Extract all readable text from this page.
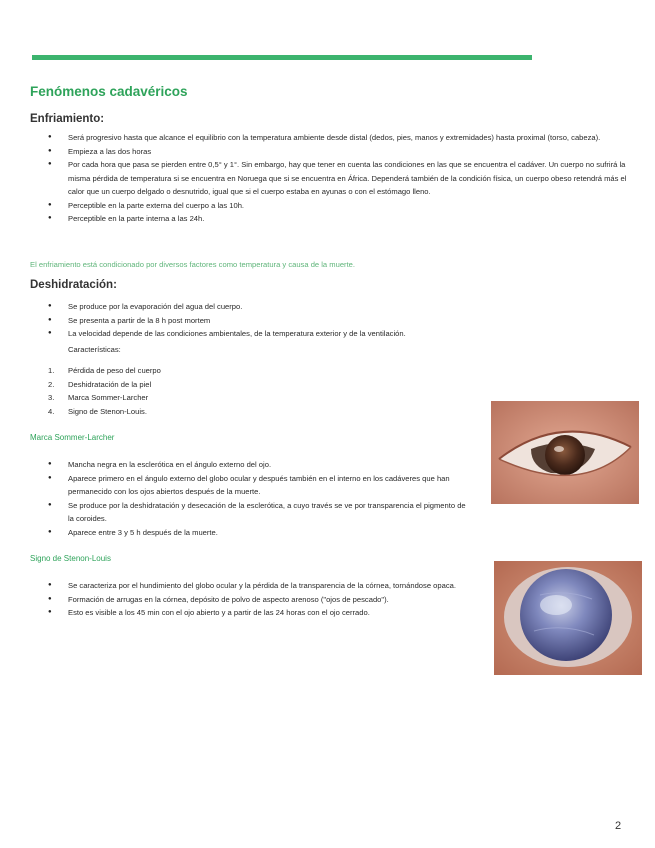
Fenómenos cadavéricos
Enfriamiento:
● Será progresivo hasta que alcance el equilibrio con la temperatura ambiente desde distal (dedos, pies, manos y extremidades) hasta proximal (torso, cabeza).
● Empieza a las dos horas
● Por cada hora que pasa se pierden entre 0,5° y 1°. Sin embargo, hay que tener en cuenta las condiciones en las que se encuentra el cadáver. Un cuerpo no sufrirá la misma pérdida de temperatura si se encuentra en Noruega que si se encuentra en África. Dependerá también de la condición física, un cuerpo obeso retendrá más el calor que un cuerpo delgado o desnutrido, igual que si el cuerpo estaba en ayunas o con el estómago lleno.
● Perceptible en la parte externa del cuerpo a las 10h.
● Perceptible en la parte interna a las 24h.
El enfriamiento está condicionado por diversos factores como temperatura y causa de la muerte.
Deshidratación:
● Se produce por la evaporación del agua del cuerpo.
● Se presenta a partir de la 8 h post mortem
● La velocidad depende de las condiciones ambientales, de la temperatura exterior y de la ventilación.
Características:
1. Pérdida de peso del cuerpo
2. Deshidratación de la piel
3. Marca Sommer-Larcher
4. Signo de Stenon-Louis.
Marca Sommer-Larcher
● Mancha negra en la esclerótica en el ángulo externo del ojo.
● Aparece primero en el ángulo externo del globo ocular y después también en el interno en los cadáveres que han permanecido con los ojos abiertos después de la muerte.
● Se produce por la deshidratación y desecación de la esclerótica, a cuyo través se ve por transparencia el pigmento de la coroides.
● Aparece entre 3 y 5 h después de la muerte.
Signo de Stenon-Louis
● Se caracteriza por el hundimiento del globo ocular y la pérdida de la transparencia de la córnea, tornándose opaca.
● Formación de arrugas en la córnea, depósito de polvo de aspecto arenoso ("ojos de pescado").
● Esto es visible a los 45 min con el ojo abierto y a partir de las 24 horas con el ojo cerrado.
2
